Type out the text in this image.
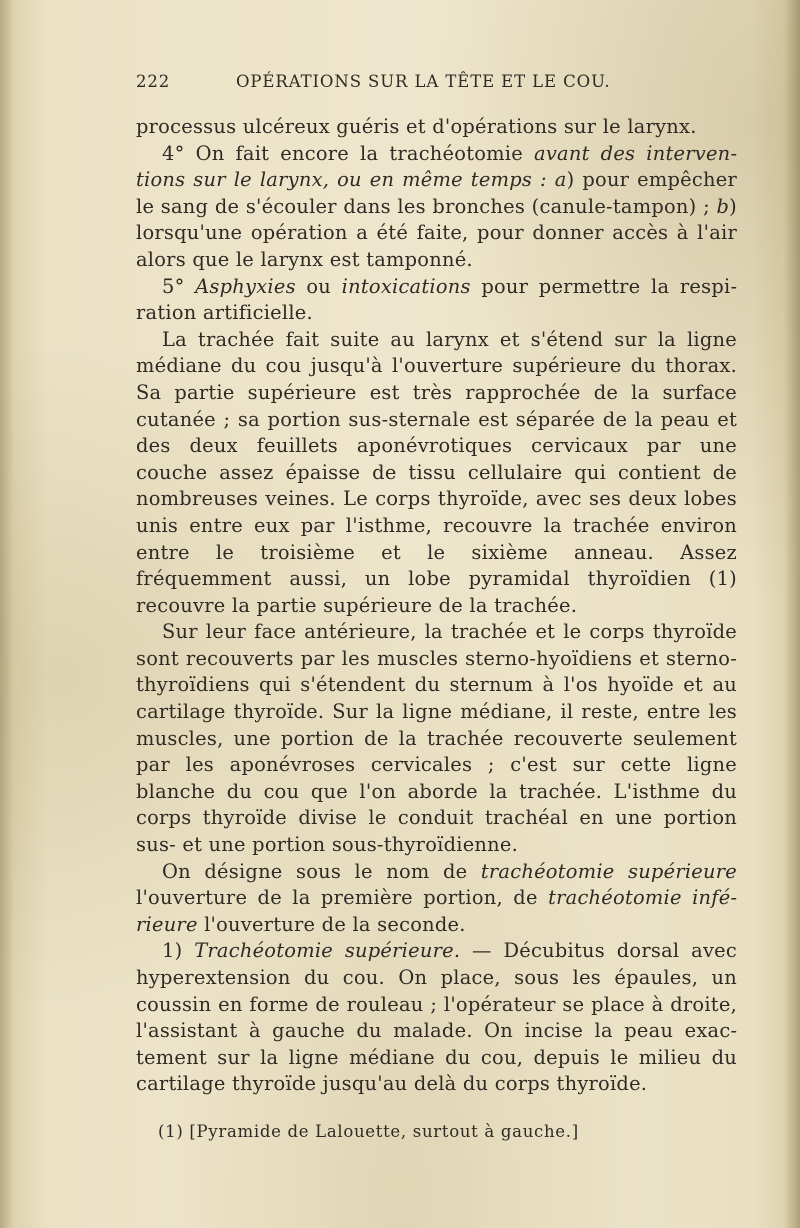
222	OPÉRATIONS SUR LA TÊTE ET LE COU.

processus ulcéreux guéris et d'opérations sur le larynx.

4° On fait encore la trachéotomie avant des interventions sur le larynx, ou en même temps : a) pour empêcher le sang de s'écouler dans les bronches (canule-tampon) ; b) lorsqu'une opération a été faite, pour donner accès à l'air alors que le larynx est tamponné.

5° Asphyxies ou intoxications pour permettre la respiration artificielle.

La trachée fait suite au larynx et s'étend sur la ligne médiane du cou jusqu'à l'ouverture supérieure du thorax. Sa partie supérieure est très rapprochée de la surface cutanée ; sa portion sus-sternale est séparée de la peau et des deux feuillets aponévrotiques cervicaux par une couche assez épaisse de tissu cellulaire qui contient de nombreuses veines. Le corps thyroïde, avec ses deux lobes unis entre eux par l'isthme, recouvre la trachée environ entre le troisième et le sixième anneau. Assez fréquemment aussi, un lobe pyramidal thyroïdien (1) recouvre la partie supérieure de la trachée.

Sur leur face antérieure, la trachée et le corps thyroïde sont recouverts par les muscles sterno-hyoïdiens et sterno-thyroïdiens qui s'étendent du sternum à l'os hyoïde et au cartilage thyroïde. Sur la ligne médiane, il reste, entre les muscles, une portion de la trachée recouverte seulement par les aponévroses cervicales ; c'est sur cette ligne blanche du cou que l'on aborde la trachée. L'isthme du corps thyroïde divise le conduit trachéal en une portion sus- et une portion sous-thyroïdienne.

On désigne sous le nom de trachéotomie supérieure l'ouverture de la première portion, de trachéotomie inférieure l'ouverture de la seconde.

1) Trachéotomie supérieure. — Décubitus dorsal avec hyperextension du cou. On place, sous les épaules, un coussin en forme de rouleau ; l'opérateur se place à droite, l'assistant à gauche du malade. On incise la peau exactement sur la ligne médiane du cou, depuis le milieu du cartilage thyroïde jusqu'au delà du corps thyroïde.

(1) [Pyramide de Lalouette, surtout à gauche.]
